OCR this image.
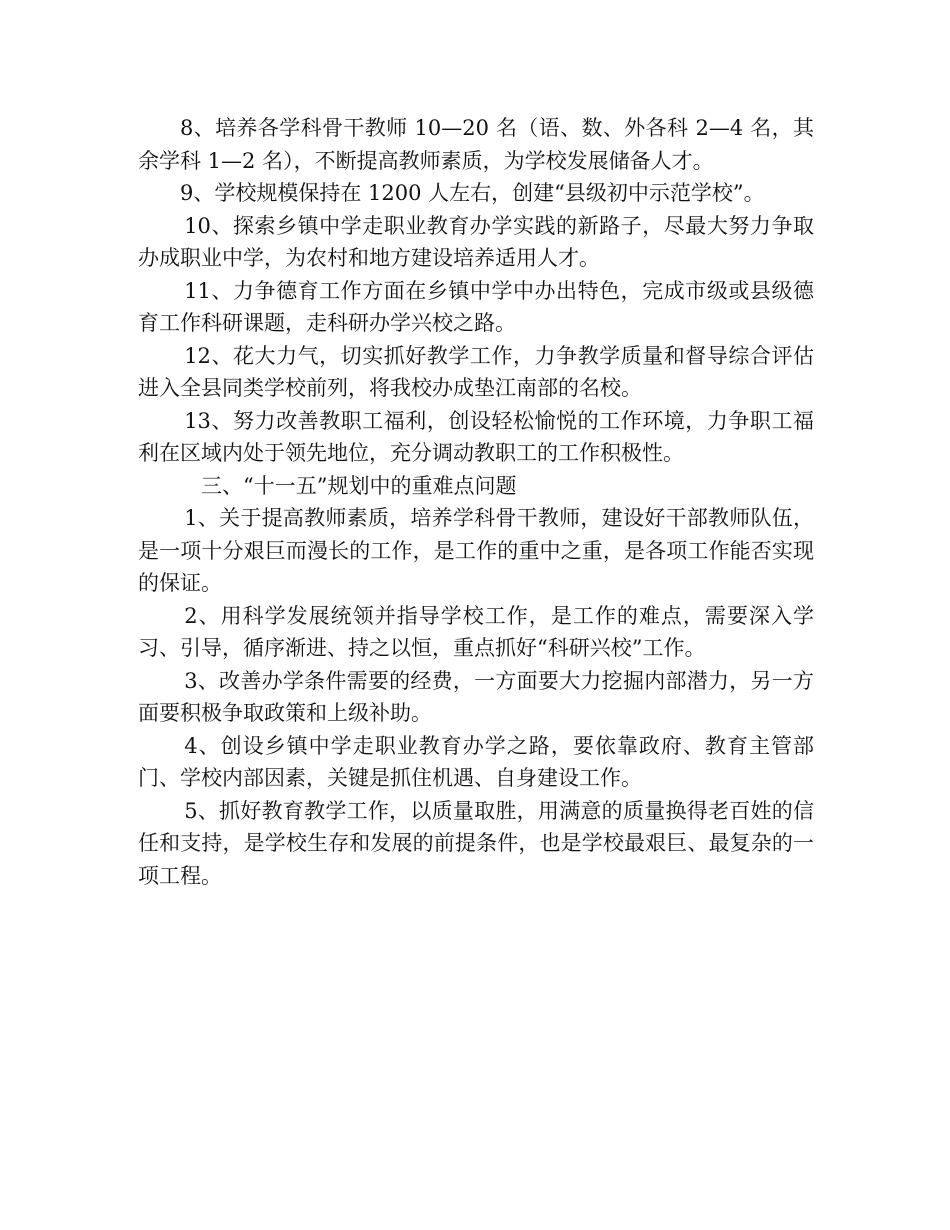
8、培养各学科骨干教师 10—20 名（语、数、外各科 2—4 名，其余学科 1—2 名），不断提高教师素质，为学校发展储备人才。

9、学校规模保持在 1200 人左右，创建“县级初中示范学校”。

10、探索乡镇中学走职业教育办学实践的新路子，尽最大努力争取办成职业中学，为农村和地方建设培养适用人才。

11、力争德育工作方面在乡镇中学中办出特色，完成市级或县级德育工作科研课题，走科研办学兴校之路。

12、花大力气，切实抓好教学工作，力争教学质量和督导综合评估进入全县同类学校前列，将我校办成垫江南部的名校。

13、努力改善教职工福利，创设轻松愉悦的工作环境，力争职工福利在区域内处于领先地位，充分调动教职工的工作积极性。

三、“十一五”规划中的重难点问题

1、关于提高教师素质，培养学科骨干教师，建设好干部教师队伍，是一项十分艰巨而漫长的工作，是工作的重中之重，是各项工作能否实现的保证。

2、用科学发展统领并指导学校工作，是工作的难点，需要深入学习、引导，循序渐进、持之以恒，重点抓好“科研兴校”工作。

3、改善办学条件需要的经费，一方面要大力挖掘内部潜力，另一方面要积极争取政策和上级补助。

4、创设乡镇中学走职业教育办学之路，要依靠政府、教育主管部门、学校内部因素，关键是抓住机遇、自身建设工作。

5、抓好教育教学工作，以质量取胜，用满意的质量换得老百姓的信任和支持，是学校生存和发展的前提条件，也是学校最艰巨、最复杂的一项工程。
